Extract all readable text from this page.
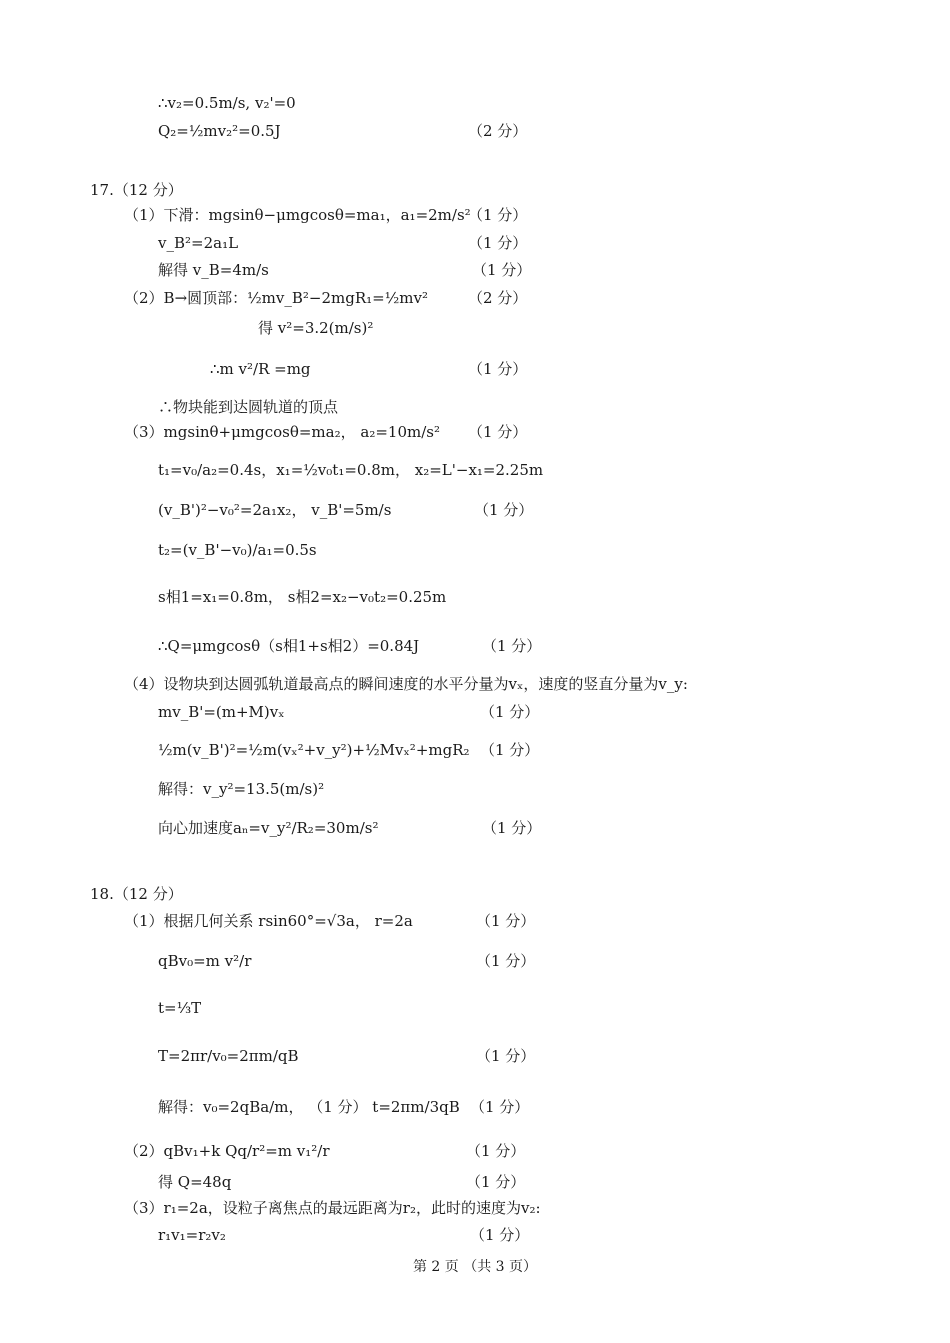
∴v₂=0.5m/s, v₂'=0
Q₂=½mv₂²=0.5J	（2 分）
17.（12 分）
（1）下滑：mgsinθ−μmgcosθ=ma₁，a₁=2m/s²
（1 分）
v_B²=2a₁L	（1 分）
解得 v_B=4m/s	（1 分）
（2）B→圆顶部：½mv_B²−2mgR₁=½mv²	（2 分）
得 v²=3.2(m/s)²
∴m v²/R =mg	（1 分）
∴物块能到达圆轨道的顶点
（3）mgsinθ+μmgcosθ=ma₂， a₂=10m/s² （1 分）
t₁=v₀/a₂=0.4s，x₁=½v₀t₁=0.8m， x₂=L'−x₁=2.25m
(v_B')²−v₀²=2a₁x₂， v_B'=5m/s	（1 分）
t₂=(v_B'−v₀)/a₁=0.5s
s相1=x₁=0.8m， s相2=x₂−v₀t₂=0.25m
∴Q=μmgcosθ（s相1+s相2）=0.84J	（1 分）
（4）设物块到达圆弧轨道最高点的瞬间速度的水平分量为vₓ，速度的竖直分量为v_y:
mv_B'=(m+M)vₓ	（1 分）
½m(v_B')²=½m(vₓ²+v_y²)+½Mvₓ²+mgR₂ （1 分）
解得：v_y²=13.5(m/s)²
向心加速度aₙ=v_y²/R₂=30m/s²	（1 分）
18.（12 分）
（1）根据几何关系 rsin60°=√3a， r=2a	（1 分）
qBv₀=m v²/r	（1 分）
t=⅓T
T=2πr/v₀=2πm/qB	（1 分）
解得：v₀=2qBa/m， （1 分） t=2πm/3qB （1 分）
（2）qBv₁+k Qq/r²=m v₁²/r	（1 分）
得 Q=48q	（1 分）
（3）r₁=2a，设粒子离焦点的最远距离为r₂，此时的速度为v₂:
r₁v₁=r₂v₂	（1 分）
第 2 页 （共 3 页）
